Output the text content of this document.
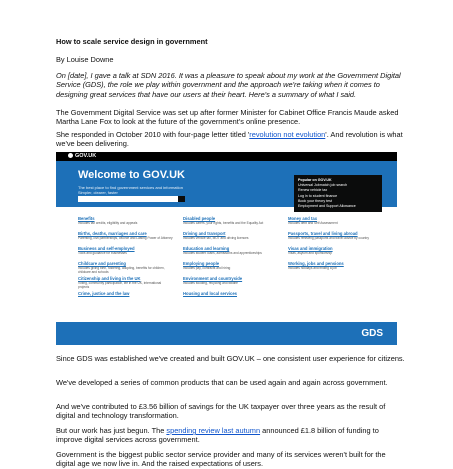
How to scale service design in government

By Louise Downe

On [date], I gave a talk at SDN 2016. It was a pleasure to speak about my work at the Government Digital Service (GDS), the role we play within government and the approach we're taking when it comes to designing great services that have our users at their heart. Here's a summary of what I said.

The Government Digital Service was set up after former Minister for Cabinet Office Francis Maude asked Martha Lane Fox to look at the future of the government's online presence.

She responded in October 2010 with four-page letter titled 'revolution not evolution'. And revolution is what we've been delivering.

GOV.UK
Welcome to GOV.UK
The best place to find government services and information
Simpler, clearer, faster
Popular on GOV.UK
Universal Jobmatch job search
Renew vehicle tax
Log in to student finance
Book your theory test
Employment and Support Allowance
Benefits
Includes tax credits, eligibility and appeals
Births, deaths, marriages and care
Parenting, civil partnerships, divorce and Lasting Power of Attorney
Business and self-employed
Tools and guidance for businesses
Childcare and parenting
Includes giving birth, fostering, adopting, benefits for children, childcare and schools
Citizenship and living in the UK
Voting, community participation, life in the UK, international projects
Crime, justice and the law
Disabled people
Includes carers, your rights, benefits and the Equality Act
Driving and transport
Includes vehicle tax, MOT and driving licences
Education and learning
Includes student loans, admissions and apprenticeships
Employing people
Includes pay, contracts and hiring
Environment and countryside
Includes flooding, recycling and wildlife
Housing and local services
Money and tax
Includes debt and Self Assessment
Passports, travel and living abroad
Includes renewing passports and travel advice by country
Visas and immigration
Visas, asylum and sponsorship
Working, jobs and pensions
Includes holidays and finding a job
GDS

Since GDS was established we've created and built GOV.UK – one consistent user experience for citizens.

We've developed a series of common products that can be used again and again across government.

And we've contributed to £3.56 billion of savings for the UK taxpayer over three years as the result of digital and technology transformation.

But our work has just begun. The spending review last autumn announced £1.8 billion of funding to improve digital services across government.

Government is the biggest public sector service provider and many of its services weren't built for the digital age we now live in. And the raised expectations of users.
